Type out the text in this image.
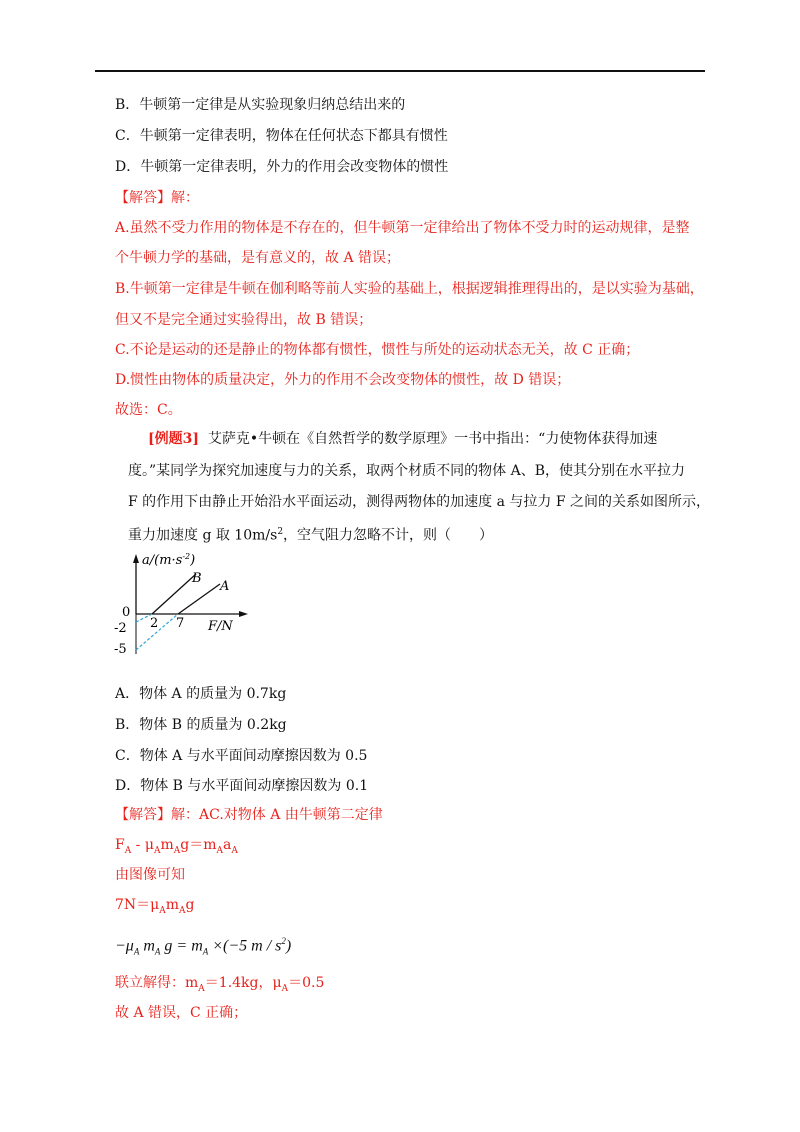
B．牛顿第一定律是从实验现象归纳总结出来的
C．牛顿第一定律表明，物体在任何状态下都具有惯性
D．牛顿第一定律表明，外力的作用会改变物体的惯性
【解答】解：
A.虽然不受力作用的物体是不存在的，但牛顿第一定律给出了物体不受力时的运动规律，是整
个牛顿力学的基础，是有意义的，故 A 错误；
B.牛顿第一定律是牛顿在伽利略等前人实验的基础上，根据逻辑推理得出的，是以实验为基础，
但又不是完全通过实验得出，故 B 错误；
C.不论是运动的还是静止的物体都有惯性，惯性与所处的运动状态无关，故 C 正确；
D.惯性由物体的质量决定，外力的作用不会改变物体的惯性，故 D 错误；
故选：C。
[例题3] 艾萨克•牛顿在《自然哲学的数学原理》一书中指出：“力使物体获得加速
度。”某同学为探究加速度与力的关系，取两个材质不同的物体 A、B，使其分别在水平拉力
F 的作用下由静止开始沿水平面运动，测得两物体的加速度 a 与拉力 F 之间的关系如图所示，
重力加速度 g 取 $10m/s^2$，空气阻力忽略不计，则（　　）
$a/(m\cdot s^{-2})$
B
A
0
2 7
-2
-5
F/N
A．物体 A 的质量为 0.7kg
B．物体 B 的质量为 0.2kg
C．物体 A 与水平面间动摩擦因数为 0.5
D．物体 B 与水平面间动摩擦因数为 0.1
【解答】解：AC.对物体 A 由牛顿第二定律
$F_A - \mu_Am_Ag=m_Aa_A$
由图像可知
$7N=\mu_Am_Ag$
$-\mu_A$ $m_A$ $g = m_A \times(-5$ m / $s^2$)
联立解得：$m_A=1.4kg$，$\mu_A=0.5$
故 A 错误，C 正确；
